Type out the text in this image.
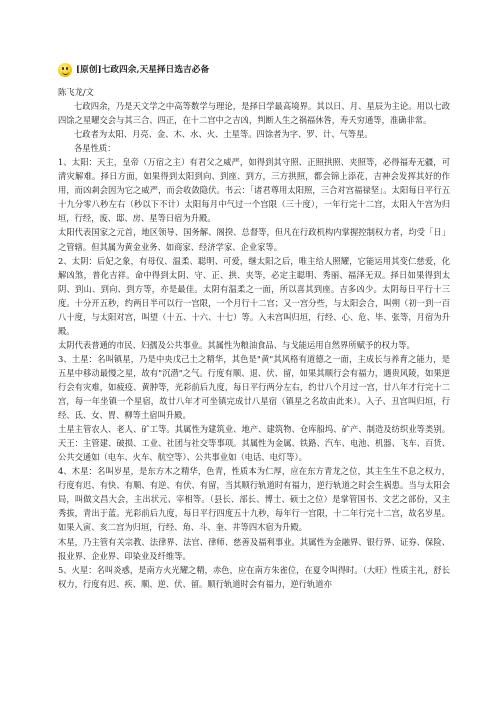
[原创]七政四余,天星择日选吉必备

陈飞龙/文

七政四余，乃是天文学之中高等数学与理论，是择日学最高境界。其以日、月、星辰为主论。用以七政四馀之星曜交会与其三合、四正，在十二宫中之吉凶，判断人生之祸福休咎，寿夭穷通等，准确非常。

七政者为太阳、月亮、金、木、水、火、土星等。四馀者为字、罗、计、气等星。

各星性质：

1、太阳：天主，皇帝（万宿之主）有君父之威严，如得到其守照、正照拱照、夹照等，必得福寿无疆，可清灾解难。择日方面，如果得到太阳到向、到座、到方，三方拱照，都会锦上添花，吉神会发挥其好的作用，而凶剎会因为它之威严，而会收敛隐伏。书云：「诸君尊用太阳照，三合对宫福禄坚」。太阳每日平行五十九分零八秒左右（秒以下不计）太阳每月中气过一个宫限（三十度），一年行完十二宫，太阳入午宫为归垣，行经，废、邸、房、星等日宿为升殿。

太阳代表国家之元首，地区领导、国务解、阁揆、总督等，但凡在行政机构内掌握控制权力者，均受「日」之管辖。但其属为黄金业务、如商家、经济学家、企业家等。

2、太阴：后妃之象，有母仪、温柔、聪明、可爱，继太阳之后，唯主给人照耀，它能运用其变仁慈爱，化解凶煞，普化吉祥。命中得到太阴、守、正、拱、夹等，必定主聪明、秀丽、福泽无双。择日如果得到太阴、到山、到向、到方等，亦是最佳。太阴有温柔之一面，所以喜其到座。吉多凶少。太阴每日平行十三度。十分开五秒，约两日半可以行一宫限，一个月行十二宫；又一宫分些，与太阳会合，叫朔（初一到一百八十度，与太阳对宫，叫望（十五、十六、十七）等。入未宫叫归垣，行经、心、危、毕、张等，月宿为升殿。

太阴代表普通的市民、妇孺及公共事业。其属性为粮油食品、与戈能运用自然界所赋予的权力等。

3、土星：名叫镇星，乃是中央戊己土之精华，其色是"黄"其风格有道德之一面，主成长与养育之能力，是五星中移动最慢之星，故有"沉潜"之气。行度有顺、退、伏、留，如果其顺行会有福力，遇贵风陵，如果逆行会有灾难，如疲疫、黄肿等，光彩前后九度，每日平行两分左右，约廿八个月过一宫，廿八年才行完十二宫，每一年坐镇一个星宿，故廿八年才可坐镇完成廿八星宿（镇星之名故由此来）。入子、丑宫叫归垣，行经、氐、女、胃、柳等土宿叫升殿。

土星主管农人、老人、矿工等。其属性为建筑业、地产、建筑物、仓库船坞、矿产、制造及纺织业等类别。天王：主管建、破损、工业、社团与社交等事项。其属性为金属、铁路、汽车、电池、机器、飞车、百货、公共交通如（电车、火车、航空等）、公共事业如（电话、电灯等）。

4、木星：名叫岁星，是东方木之精华，色青，性质本为仁厚，应在东方青龙之位，其主生生不息之权力，行度有迟、有快、有顺、有逆、有伏、有留，当其顺行轨道时有福力，逆行轨道之时会生祸患。当与太阳会局，叫做文昌大会，主出状元、宰相等。（县长、部长、博士、硕士之位）是掌管国书、文艺之部份，又主秀拔，青出于蓝。光彩前后九度，每日平行四度五十九秒，每年行一宫限，十二年行完十二宫，故名岁星。如果入寅、亥二宫为归垣，行经、角、斗、奎、井等四木宿为升殿。

木星，乃主管有关宗教、法律界、法官、律师、慈善及福利事业。其属性为金融界、银行界、证券、保险、报业界、企业界、印染业及纤维等。

5、火星：名叫炎惑，是南方火光耀之精，赤色，应在南方朱雀位，在夏令叫得时。（大旺）性质主礼，舒长权力，行度有迟、疾、顺、逆、伏、留。顺行轨道时会有福力，逆行轨道亦
